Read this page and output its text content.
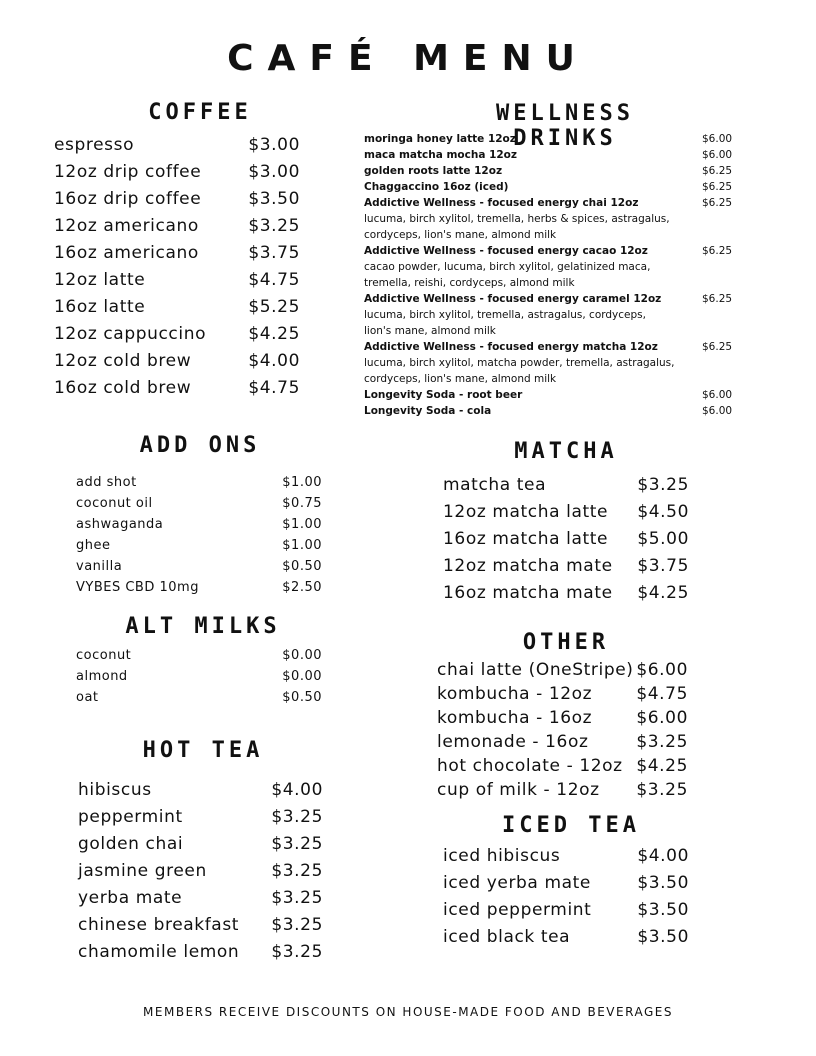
CAFÉ MENU
COFFEE
espresso	$3.00
12oz drip coffee	$3.00
16oz drip coffee	$3.50
12oz americano	$3.25
16oz americano	$3.75
12oz latte	$4.75
16oz latte	$5.25
12oz cappuccino $4.25
12oz cold brew	$4.00
16oz cold brew	$4.75
ADD ONS
add shot	$1.00
coconut oil	$0.75
ashwaganda	$1.00
ghee	$1.00
vanilla	$0.50
VYBES CBD 10mg	$2.50
ALT MILKS
coconut	$0.00
almond	$0.00
oat	$0.50
HOT TEA
hibiscus	$4.00
peppermint	$3.25
golden chai	$3.25
jasmine green	$3.25
yerba mate	$3.25
chinese breakfast $3.25
chamomile lemon $3.25
WELLNESS DRINKS
moringa honey latte 12oz	$6.00
maca matcha mocha 12oz	$6.00
golden roots latte 12oz	$6.25
Chaggaccino 16oz (iced)	$6.25
Addictive Wellness - focused energy chai 12oz	$6.25
lucuma, birch xylitol, tremella, herbs & spices, astragalus,
cordyceps, lion's mane, almond milk
Addictive Wellness - focused energy cacao 12oz	$6.25
cacao powder, lucuma, birch xylitol, gelatinized maca,
tremella, reishi, cordyceps, almond milk
Addictive Wellness - focused energy caramel 12oz	$6.25
lucuma, birch xylitol, tremella, astragalus, cordyceps,
lion's mane, almond milk
Addictive Wellness - focused energy matcha 12oz	$6.25
lucuma, birch xylitol, matcha powder, tremella, astragalus,
cordyceps, lion's mane, almond milk
Longevity Soda - root beer	$6.00
Longevity Soda - cola	$6.00
MATCHA
matcha tea	$3.25
12oz matcha latte $4.50
16oz matcha latte $5.00
12oz matcha mate $3.75
16oz matcha mate $4.25
OTHER
chai latte (OneStripe) $6.00
kombucha - 12oz	$4.75
kombucha - 16oz	$6.00
lemonade - 16oz	$3.25
hot chocolate - 12oz $4.25
cup of milk - 12oz $3.25
ICED TEA
iced hibiscus	$4.00
iced yerba mate	$3.50
iced peppermint	$3.50
iced black tea	$3.50
MEMBERS RECEIVE DISCOUNTS ON HOUSE-MADE FOOD AND BEVERAGES
